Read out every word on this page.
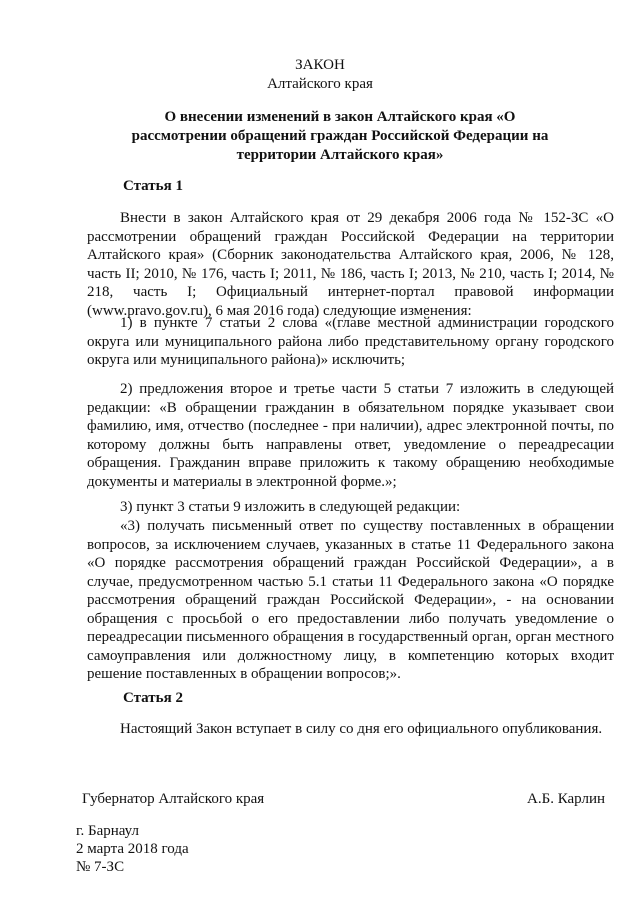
ЗАКОН
Алтайского края
О внесении изменений в закон Алтайского края «О рассмотрении обращений граждан Российской Федерации на территории Алтайского края»
Статья 1
Внести в закон Алтайского края от 29 декабря 2006 года № 152-ЗС «О рассмотрении обращений граждан Российской Федерации на территории Алтайского края» (Сборник законодательства Алтайского края, 2006, № 128, часть II; 2010, № 176, часть I; 2011, № 186, часть I; 2013, № 210, часть I; 2014, № 218, часть I; Официальный интернет-портал правовой информации (www.pravo.gov.ru), 6 мая 2016 года) следующие изменения:
1) в пункте 7 статьи 2 слова «(главе местной администрации городского округа или муниципального района либо представительному органу городского округа или муниципального района)» исключить;
2) предложения второе и третье части 5 статьи 7 изложить в следующей редакции: «В обращении гражданин в обязательном порядке указывает свои фамилию, имя, отчество (последнее - при наличии), адрес электронной почты, по которому должны быть направлены ответ, уведомление о переадресации обращения. Гражданин вправе приложить к такому обращению необходимые документы и материалы в электронной форме.»;
3) пункт 3 статьи 9 изложить в следующей редакции:
«3) получать письменный ответ по существу поставленных в обращении вопросов, за исключением случаев, указанных в статье 11 Федерального закона «О порядке рассмотрения обращений граждан Российской Федерации», а в случае, предусмотренном частью 5.1 статьи 11 Федерального закона «О порядке рассмотрения обращений граждан Российской Федерации», - на основании обращения с просьбой о его предоставлении либо получать уведомление о переадресации письменного обращения в государственный орган, орган местного самоуправления или должностному лицу, в компетенцию которых входит решение поставленных в обращении вопросов;».
Статья 2
Настоящий Закон вступает в силу со дня его официального опубликования.
Губернатор Алтайского края	А.Б. Карлин
г. Барнаул
2 марта 2018 года
№ 7-ЗС
